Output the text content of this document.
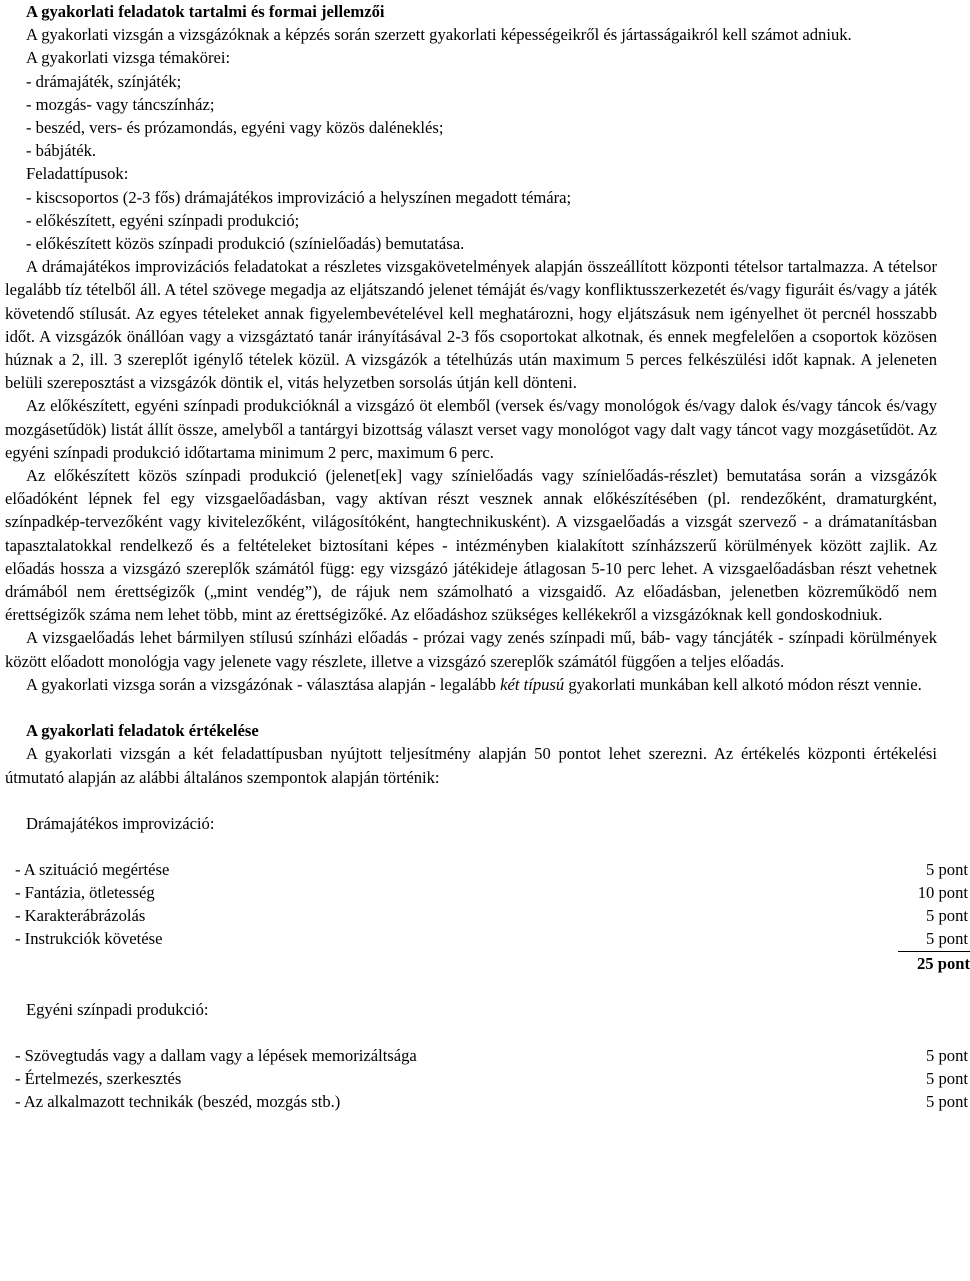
A gyakorlati feladatok tartalmi és formai jellemzői

A gyakorlati vizsgán a vizsgázóknak a képzés során szerzett gyakorlati képességeikről és jártasságaikról kell számot adniuk.

A gyakorlati vizsga témakörei:
- drámajáték, színjáték;
- mozgás- vagy táncszínház;
- beszéd, vers- és prózamondás, egyéni vagy közös daléneklés;
- bábjáték.
Feladattípusok:
- kiscsoportos (2-3 fős) drámajátékos improvizáció a helyszínen megadott témára;
- előkészített, egyéni színpadi produkció;
- előkészített közös színpadi produkció (színielőadás) bemutatása.

A drámajátékos improvizációs feladatokat a részletes vizsgakövetelmények alapján összeállított központi tételsor tartalmazza. A tételsor legalább tíz tételből áll. A tétel szövege megadja az eljátszandó jelenet témáját és/vagy konfliktusszerkezetét és/vagy figuráit és/vagy a játék követendő stílusát. Az egyes tételeket annak figyelembevételével kell meghatározni, hogy eljátszásuk nem igényelhet öt percnél hosszabb időt. A vizsgázók önállóan vagy a vizsgáztató tanár irányításával 2-3 fős csoportokat alkotnak, és ennek megfelelően a csoportok közösen húznak a 2, ill. 3 szereplőt igénylő tételek közül. A vizsgázók a tételhúzás után maximum 5 perces felkészülési időt kapnak. A jeleneten belüli szereposztást a vizsgázók döntik el, vitás helyzetben sorsolás útján kell dönteni.

Az előkészített, egyéni színpadi produkcióknál a vizsgázó öt elemből (versek és/vagy monológok és/vagy dalok és/vagy táncok és/vagy mozgásetűdök) listát állít össze, amelyből a tantárgyi bizottság választ verset vagy monológot vagy dalt vagy táncot vagy mozgásetűdöt. Az egyéni színpadi produkció időtartama minimum 2 perc, maximum 6 perc.

Az előkészített közös színpadi produkció (jelenet[ek] vagy színielőadás vagy színielőadás-részlet) bemutatása során a vizsgázók előadóként lépnek fel egy vizsgaelőadásban, vagy aktívan részt vesznek annak előkészítésében (pl. rendezőként, dramaturgként, színpadkép-tervezőként vagy kivitelezőként, világosítóként, hangtechnikusként). A vizsgaelőadás a vizsgát szervező - a drámatanításban tapasztalatokkal rendelkező és a feltételeket biztosítani képes - intézményben kialakított színházszerű körülmények között zajlik. Az előadás hossza a vizsgázó szereplők számától függ: egy vizsgázó játékideje átlagosan 5-10 perc lehet. A vizsgaelőadásban részt vehetnek drámából nem érettségizők („mint vendég”), de rájuk nem számolható a vizsgaidő. Az előadásban, jelenetben közreműködő nem érettségizők száma nem lehet több, mint az érettségizőké. Az előadáshoz szükséges kellékekről a vizsgázóknak kell gondoskodniuk.

A vizsgaelőadás lehet bármilyen stílusú színházi előadás - prózai vagy zenés színpadi mű, báb- vagy táncjáték - színpadi körülmények között előadott monológja vagy jelenete vagy részlete, illetve a vizsgázó szereplők számától függően a teljes előadás.

A gyakorlati vizsga során a vizsgázónak - választása alapján - legalább két típusú gyakorlati munkában kell alkotó módon részt vennie.

A gyakorlati feladatok értékelése

A gyakorlati vizsgán a két feladattípusban nyújtott teljesítmény alapján 50 pontot lehet szerezni. Az értékelés központi értékelési útmutató alapján az alábbi általános szempontok alapján történik:

Drámajátékos improvizáció:
- A szituáció megértése	5 pont
- Fantázia, ötletesség	10 pont
- Karakterábrázolás	5 pont
- Instrukciók követése	5 pont
25 pont
Egyéni színpadi produkció:
- Szövegtudás vagy a dallam vagy a lépések memorizáltsága	5 pont
- Értelmezés, szerkesztés	5 pont
- Az alkalmazott technikák (beszéd, mozgás stb.)	5 pont
